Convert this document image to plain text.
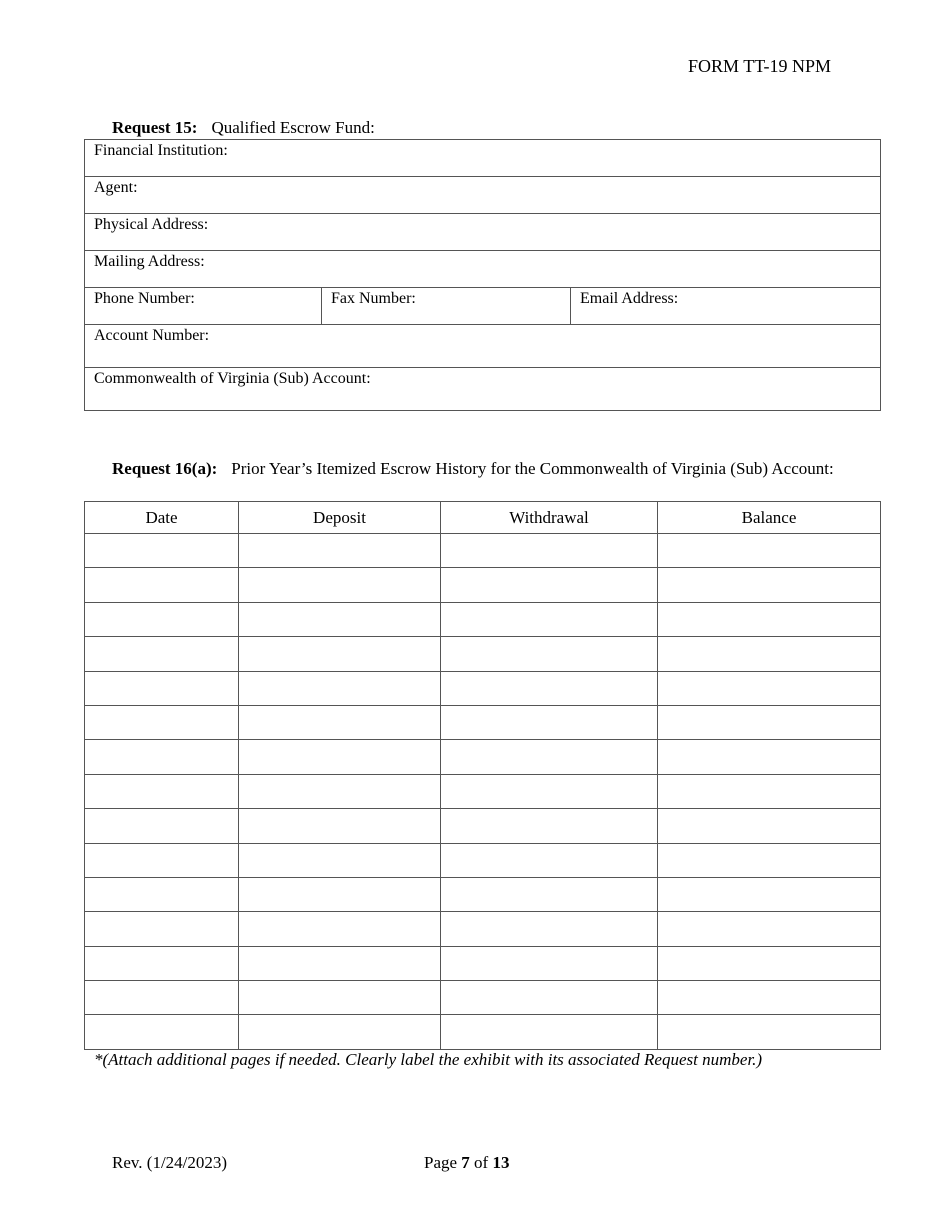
FORM TT-19 NPM
Request 15: Qualified Escrow Fund:
Financial Institution:
Agent:
Physical Address:
Mailing Address:
Phone Number:	Fax Number:	Email Address:
Account Number:
Commonwealth of Virginia (Sub) Account:
Request 16(a): Prior Year’s Itemized Escrow History for the Commonwealth of Virginia (Sub) Account:
Date	Deposit	Withdrawal	Balance

*(Attach additional pages if needed. Clearly label the exhibit with its associated Request number.)
Rev. (1/24/2023)	Page 7 of 13
